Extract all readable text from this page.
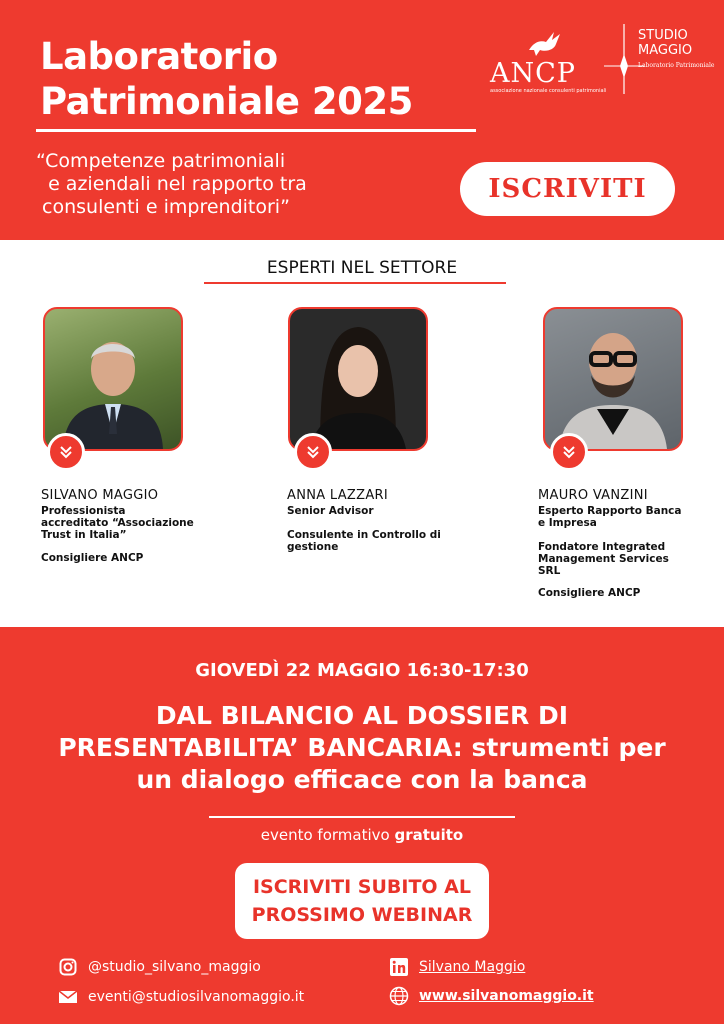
Laboratorio
Patrimoniale 2025
“Competenze patrimoniali
e aziendali nel rapporto tra
consulenti e imprenditori”
ISCRIVITI
ANCP
associazione nazionale consulenti patrimoniali
STUDIO
MAGGIO
Laboratorio Patrimoniale
ESPERTI NEL SETTORE
SILVANO MAGGIO
Professionista accreditato “Associazione Trust in Italia”
Consigliere ANCP
ANNA LAZZARI
Senior Advisor
Consulente in Controllo di gestione
MAURO VANZINI
Esperto Rapporto Banca e Impresa
Fondatore Integrated Management Services SRL
Consigliere ANCP
GIOVEDÌ 22 MAGGIO 16:30-17:30
DAL BILANCIO AL DOSSIER DI PRESENTABILITA’ BANCARIA: strumenti per un dialogo efficace con la banca
evento formativo gratuito
ISCRIVITI SUBITO AL
PROSSIMO WEBINAR
@studio_silvano_maggio
eventi@studiosilvanomaggio.it
Silvano Maggio
www.silvanomaggio.it
